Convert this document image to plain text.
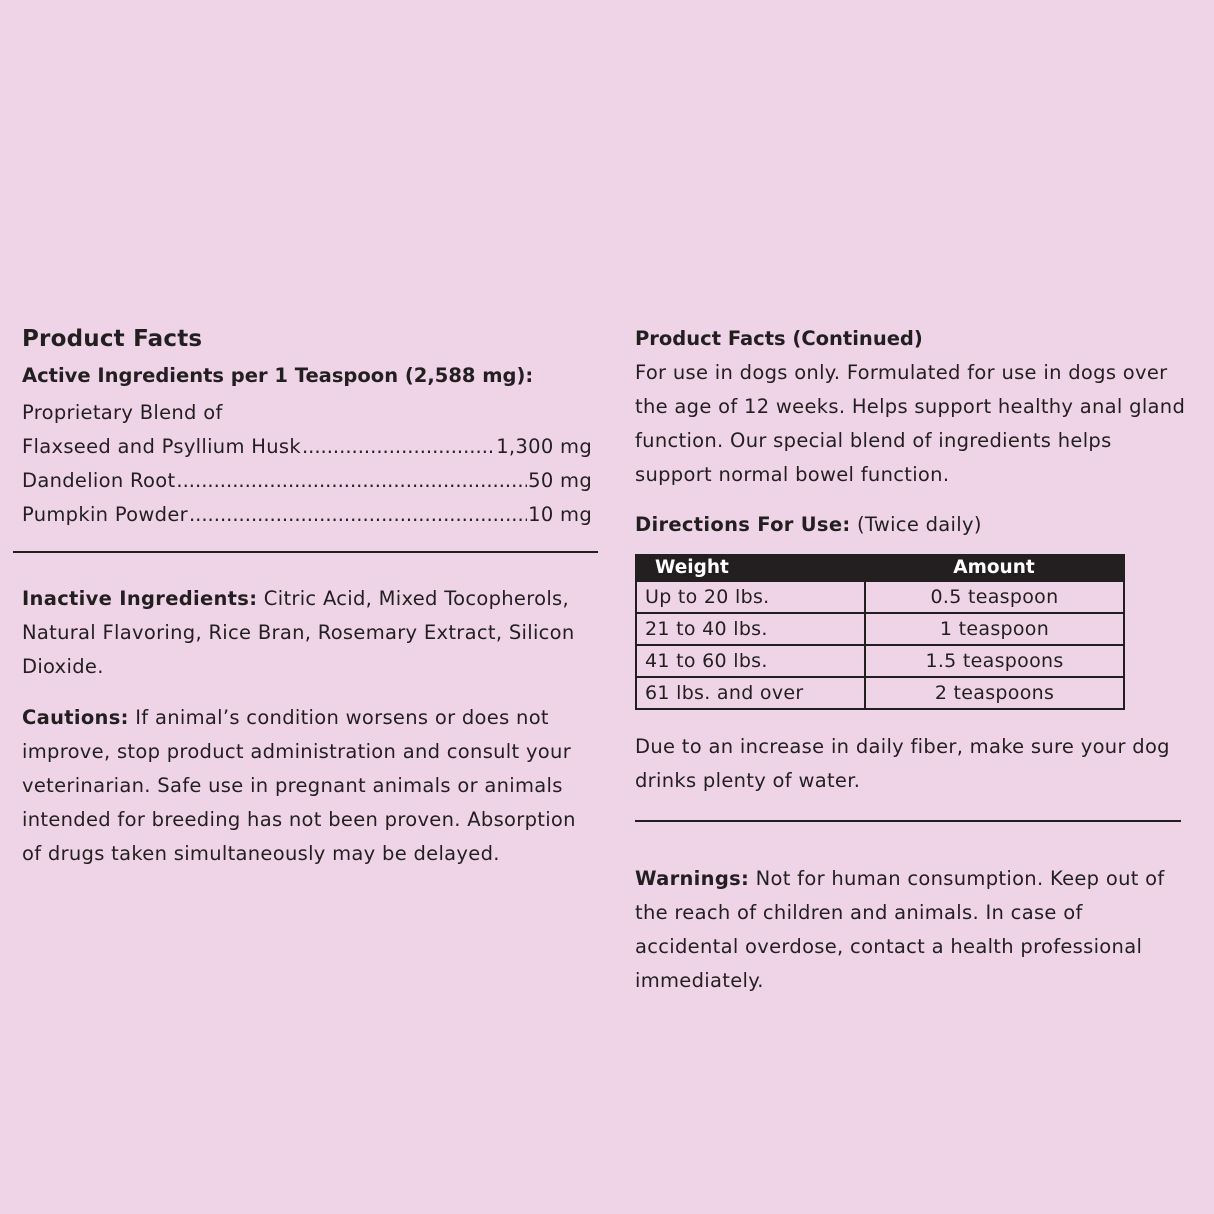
Product Facts

Active Ingredients per 1 Teaspoon (2,588 mg):

Proprietary Blend of

Flaxseed and Psyllium Husk .....	1,300 mg
Dandelion Root .....	50 mg
Pumpkin Powder .....	10 mg

Inactive Ingredients: Citric Acid, Mixed Tocopherols, Natural Flavoring, Rice Bran, Rosemary Extract, Silicon Dioxide.

Cautions: If animal’s condition worsens or does not improve, stop product administration and consult your veterinarian. Safe use in pregnant animals or animals intended for breeding has not been proven. Absorption of drugs taken simultaneously may be delayed.

Product Facts (Continued)

For use in dogs only. Formulated for use in dogs over the age of 12 weeks. Helps support healthy anal gland function. Our special blend of ingredients helps support normal bowel function.

Directions For Use: (Twice daily)

Weight	Amount
Up to 20 lbs.	0.5 teaspoon
21 to 40 lbs.	1 teaspoon
41 to 60 lbs.	1.5 teaspoons
61 lbs. and over	2 teaspoons

Due to an increase in daily fiber, make sure your dog drinks plenty of water.

Warnings: Not for human consumption. Keep out of the reach of children and animals. In case of accidental overdose, contact a health professional immediately.
